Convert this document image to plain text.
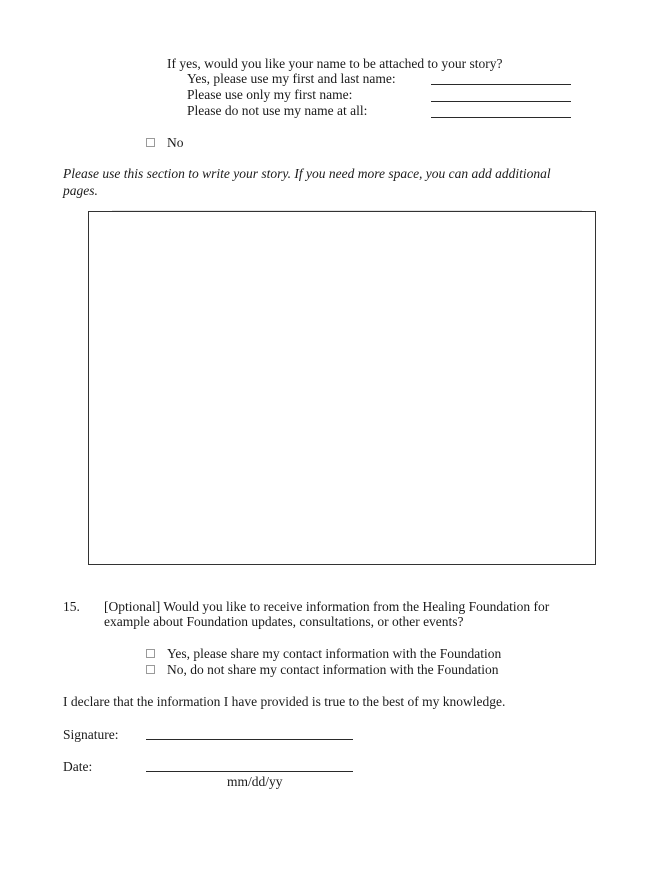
If yes, would you like your name to be attached to your story?
Yes, please use my first and last name:
Please use only my first name:
Please do not use my name at all:
No
Please use this section to write your story. If you need more space, you can add additional
pages.
15. [Optional] Would you like to receive information from the Healing Foundation for
example about Foundation updates, consultations, or other events?
Yes, please share my contact information with the Foundation
No, do not share my contact information with the Foundation
I declare that the information I have provided is true to the best of my knowledge.
Signature:
Date:
mm/dd/yy
